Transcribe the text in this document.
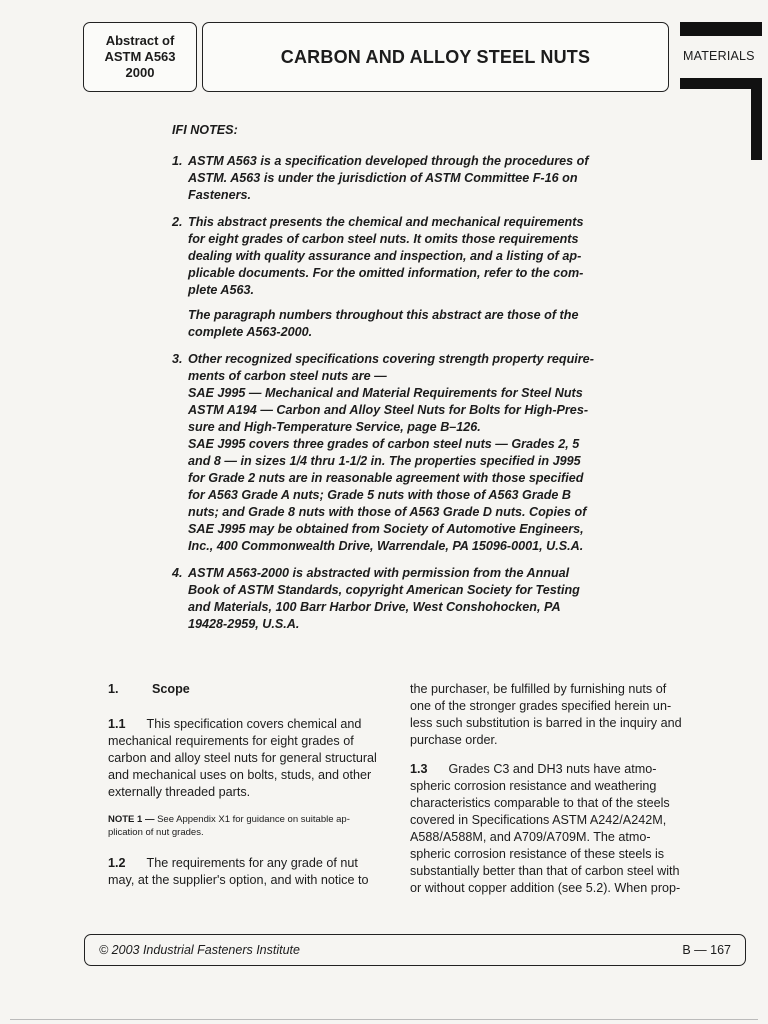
Abstract of
ASTM A563
2000
CARBON AND ALLOY STEEL NUTS	MATERIALS
IFI NOTES:
1. ASTM A563 is a specification developed through the procedures of
ASTM. A563 is under the jurisdiction of ASTM Committee F-16 on
Fasteners.

2. This abstract presents the chemical and mechanical requirements
for eight grades of carbon steel nuts. It omits those requirements
dealing with quality assurance and inspection, and a listing of ap-
plicable documents. For the omitted information, refer to the com-
plete A563.

The paragraph numbers throughout this abstract are those of the
complete A563-2000.

3. Other recognized specifications covering strength property require-
ments of carbon steel nuts are —
SAE J995 — Mechanical and Material Requirements for Steel Nuts
ASTM A194 — Carbon and Alloy Steel Nuts for Bolts for High-Pres-
sure and High-Temperature Service, page B–126.
SAE J995 covers three grades of carbon steel nuts — Grades 2, 5
and 8 — in sizes 1/4 thru 1-1/2 in. The properties specified in J995
for Grade 2 nuts are in reasonable agreement with those specified
for A563 Grade A nuts; Grade 5 nuts with those of A563 Grade B
nuts; and Grade 8 nuts with those of A563 Grade D nuts. Copies of
SAE J995 may be obtained from Society of Automotive Engineers,
Inc., 400 Commonwealth Drive, Warrendale, PA 15096-0001, U.S.A.

4. ASTM A563-2000 is abstracted with permission from the Annual
Book of ASTM Standards, copyright American Society for Testing
and Materials, 100 Barr Harbor Drive, West Conshohocken, PA
19428-2959, U.S.A.

1.	Scope

1.1 This specification covers chemical and
mechanical requirements for eight grades of
carbon and alloy steel nuts for general structural
and mechanical uses on bolts, studs, and other
externally threaded parts.

NOTE 1 — See Appendix X1 for guidance on suitable ap-
plication of nut grades.

1.2 The requirements for any grade of nut
may, at the supplier's option, and with notice to

the purchaser, be fulfilled by furnishing nuts of
one of the stronger grades specified herein un-
less such substitution is barred in the inquiry and
purchase order.

1.3 Grades C3 and DH3 nuts have atmo-
spheric corrosion resistance and weathering
characteristics comparable to that of the steels
covered in Specifications ASTM A242/A242M,
A588/A588M, and A709/A709M. The atmo-
spheric corrosion resistance of these steels is
substantially better than that of carbon steel with
or without copper addition (see 5.2). When prop-

© 2003 Industrial Fasteners Institute	B — 167
